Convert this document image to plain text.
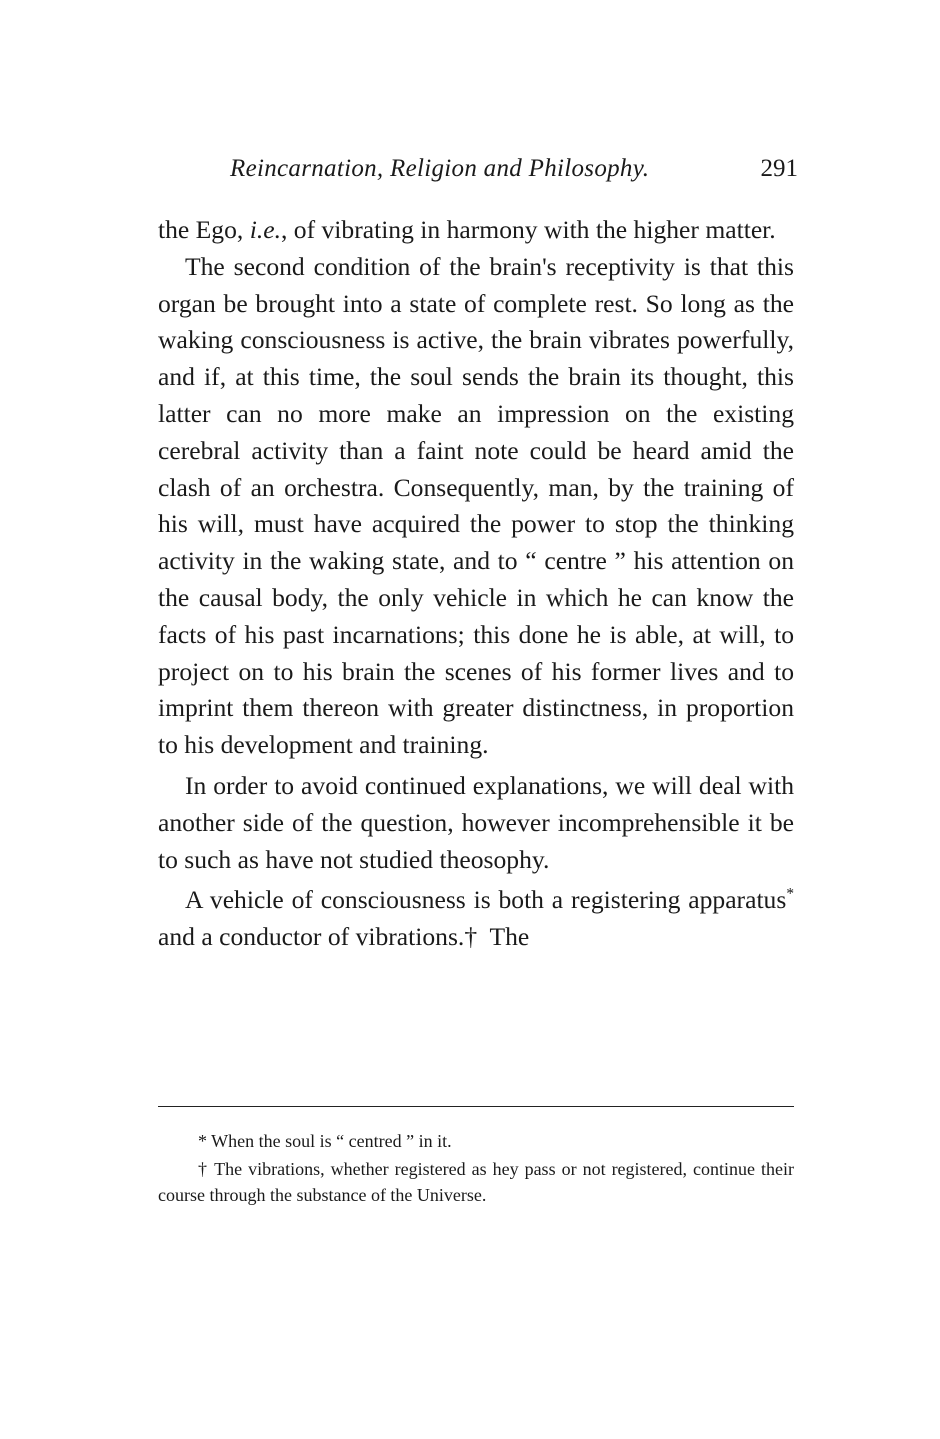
Reincarnation, Religion and Philosophy.	291

the Ego, i.e., of vibrating in harmony with the higher matter.

The second condition of the brain's receptivity is that this organ be brought into a state of complete rest. So long as the waking consciousness is active, the brain vibrates powerfully, and if, at this time, the soul sends the brain its thought, this latter can no more make an impression on the existing cerebral activity than a faint note could be heard amid the clash of an orchestra. Consequently, man, by the training of his will, must have acquired the power to stop the thinking activity in the waking state, and to “ centre ” his attention on the causal body, the only vehicle in which he can know the facts of his past incarnations; this done he is able, at will, to project on to his brain the scenes of his former lives and to imprint them thereon with greater distinctness, in proportion to his development and training.

In order to avoid continued explanations, we will deal with another side of the question, however incomprehensible it be to such as have not studied theosophy.

A vehicle of consciousness is both a registering apparatus* and a conductor of vibrations.†  The

* When the soul is “ centred ” in it.

† The vibrations, whether registered as hey pass or not registered, continue their course through the substance of the Universe.
